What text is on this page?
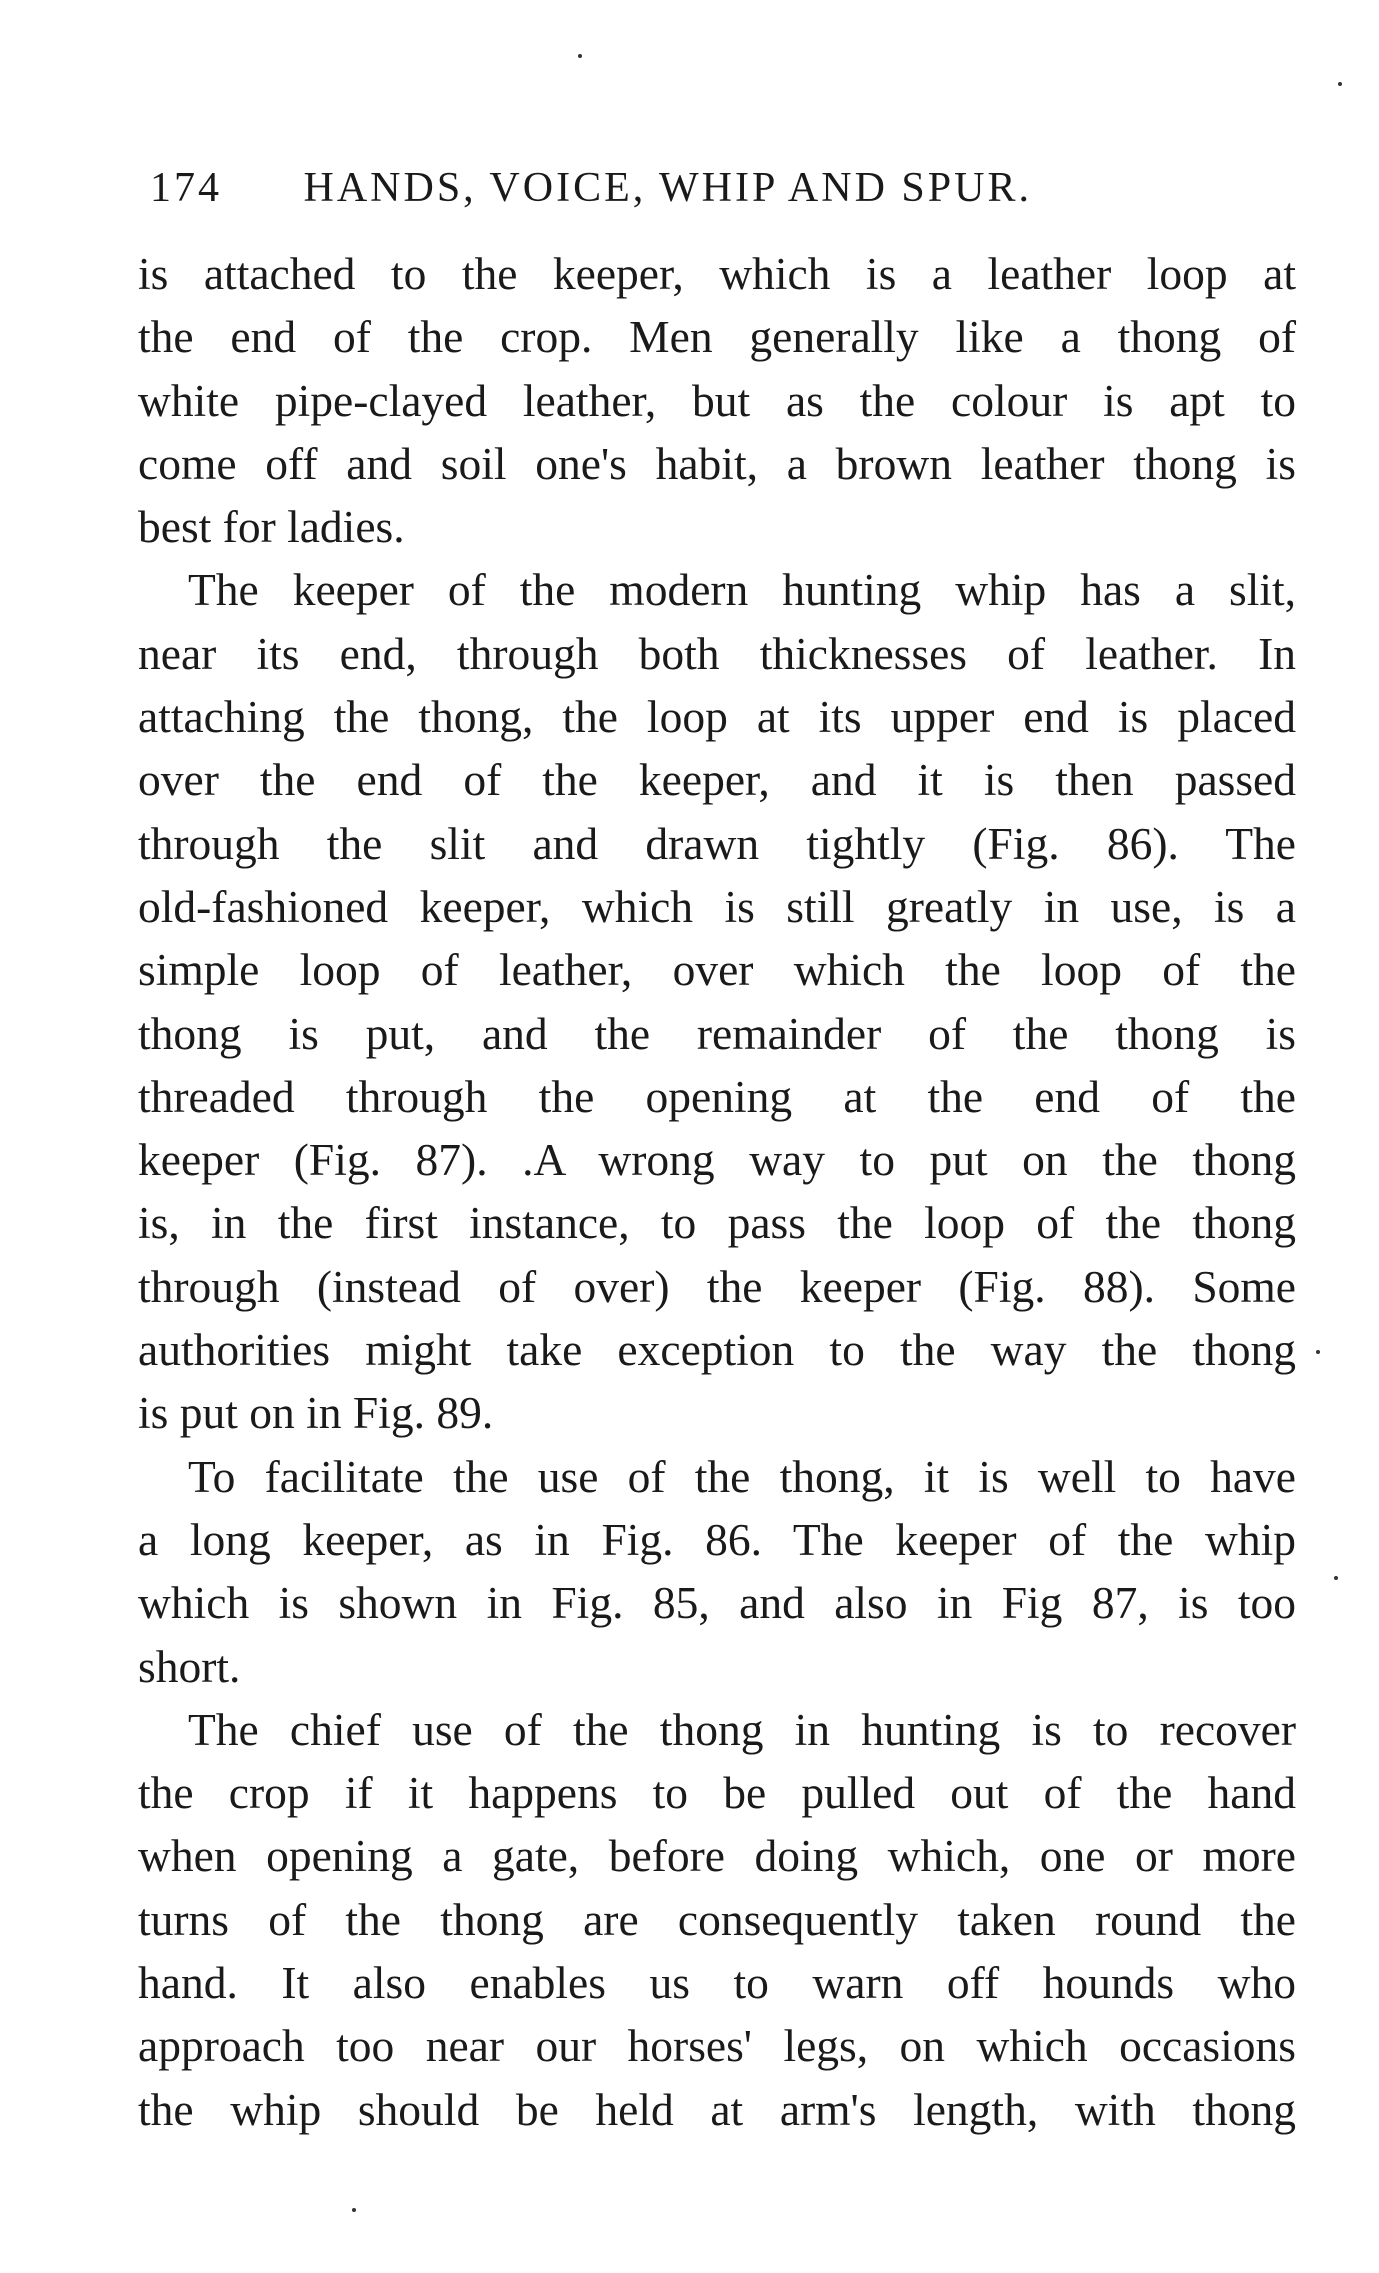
174 HANDS, VOICE, WHIP AND SPUR.
is attached to the keeper, which is a leather loop at
the end of the crop. Men generally like a thong of
white pipe-clayed leather, but as the colour is apt to
come off and soil one's habit, a brown leather thong is
best for ladies.
The keeper of the modern hunting whip has a slit,
near its end, through both thicknesses of leather. In
attaching the thong, the loop at its upper end is placed
over the end of the keeper, and it is then passed
through the slit and drawn tightly (Fig. 86). The
old-fashioned keeper, which is still greatly in use, is a
simple loop of leather, over which the loop of the
thong is put, and the remainder of the thong is
threaded through the opening at the end of the
keeper (Fig. 87). .A wrong way to put on the thong
is, in the first instance, to pass the loop of the thong
through (instead of over) the keeper (Fig. 88). Some
authorities might take exception to the way the thong
is put on in Fig. 89.
To facilitate the use of the thong, it is well to have
a long keeper, as in Fig. 86. The keeper of the whip
which is shown in Fig. 85, and also in Fig 87, is too
short.
The chief use of the thong in hunting is to recover
the crop if it happens to be pulled out of the hand
when opening a gate, before doing which, one or more
turns of the thong are consequently taken round the
hand. It also enables us to warn off hounds who
approach too near our horses' legs, on which occasions
the whip should be held at arm's length, with thong
